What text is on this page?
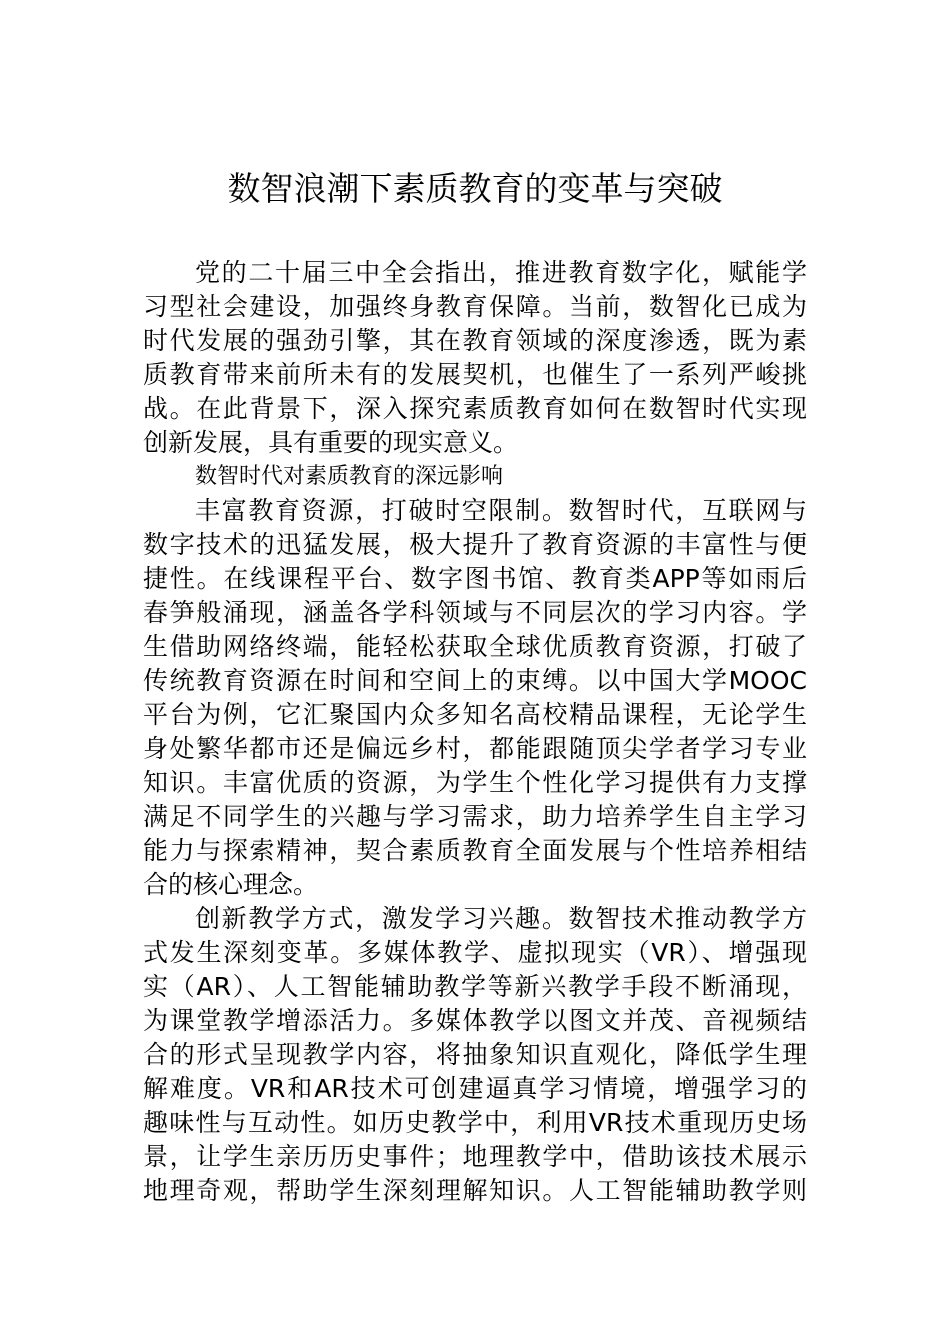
数智浪潮下素质教育的变革与突破
党的二十届三中全会指出，推进教育数字化，赋能学
习型社会建设，加强终身教育保障。当前，数智化已成为
时代发展的强劲引擎，其在教育领域的深度渗透，既为素
质教育带来前所未有的发展契机，也催生了一系列严峻挑
战。在此背景下，深入探究素质教育如何在数智时代实现
创新发展，具有重要的现实意义。
数智时代对素质教育的深远影响
丰富教育资源，打破时空限制。数智时代，互联网与
数字技术的迅猛发展，极大提升了教育资源的丰富性与便
捷性。在线课程平台、数字图书馆、教育类APP等如雨后
春笋般涌现，涵盖各学科领域与不同层次的学习内容。学
生借助网络终端，能轻松获取全球优质教育资源，打破了
传统教育资源在时间和空间上的束缚。以中国大学MOOC
平台为例，它汇聚国内众多知名高校精品课程，无论学生
身处繁华都市还是偏远乡村，都能跟随顶尖学者学习专业
知识。丰富优质的资源，为学生个性化学习提供有力支撑
满足不同学生的兴趣与学习需求，助力培养学生自主学习
能力与探索精神，契合素质教育全面发展与个性培养相结
合的核心理念。
创新教学方式，激发学习兴趣。数智技术推动教学方
式发生深刻变革。多媒体教学、虚拟现实（VR）、增强现
实（AR）、人工智能辅助教学等新兴教学手段不断涌现，
为课堂教学增添活力。多媒体教学以图文并茂、音视频结
合的形式呈现教学内容，将抽象知识直观化，降低学生理
解难度。VR和AR技术可创建逼真学习情境，增强学习的
趣味性与互动性。如历史教学中，利用VR技术重现历史场
景，让学生亲历历史事件；地理教学中，借助该技术展示
地理奇观，帮助学生深刻理解知识。人工智能辅助教学则
